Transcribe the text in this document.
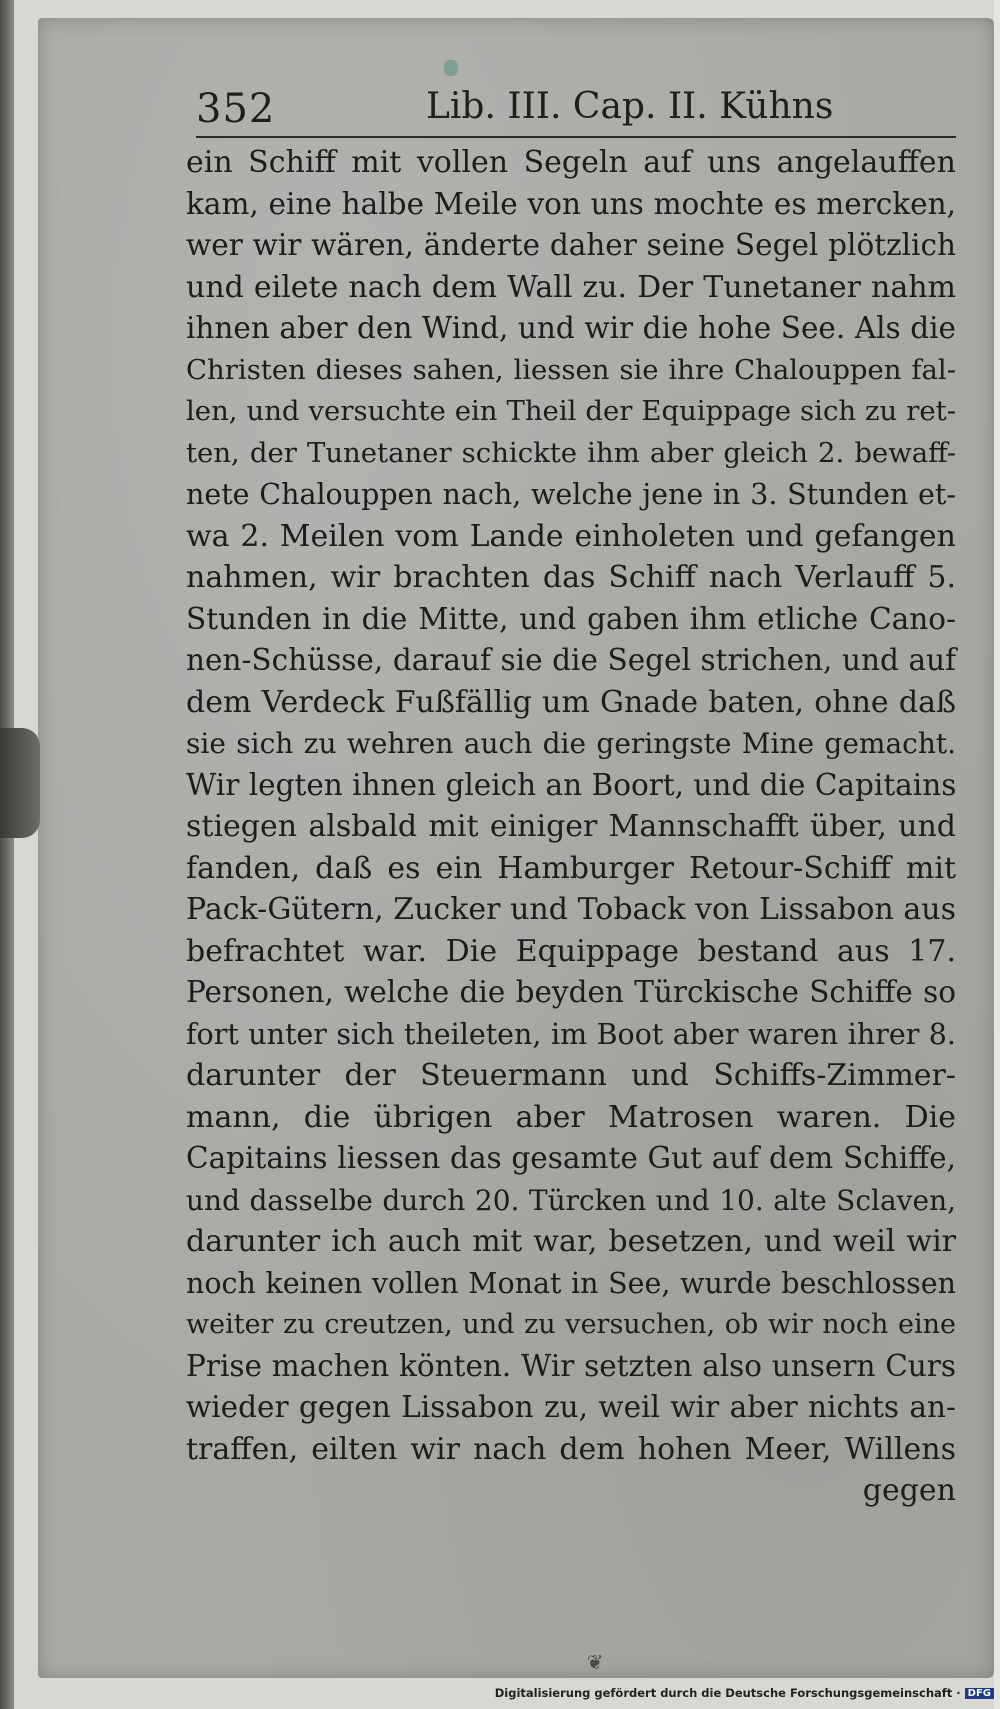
352	Lib. III. Cap. II. Kühns
ein Schiff mit vollen Segeln auf uns angelauffen
kam, eine halbe Meile von uns mochte es mercken,
wer wir wären, änderte daher seine Segel plötzlich
und eilete nach dem Wall zu. Der Tunetaner nahm
ihnen aber den Wind, und wir die hohe See. Als die
Christen dieses sahen, liessen sie ihre Chalouppen fal-
len, und versuchte ein Theil der Equippage sich zu ret-
ten, der Tunetaner schickte ihm aber gleich 2. bewaff-
nete Chalouppen nach, welche jene in 3. Stunden et-
wa 2. Meilen vom Lande einholeten und gefangen
nahmen, wir brachten das Schiff nach Verlauff 5.
Stunden in die Mitte, und gaben ihm etliche Cano-
nen-Schüsse, darauf sie die Segel strichen, und auf
dem Verdeck Fußfällig um Gnade baten, ohne daß
sie sich zu wehren auch die geringste Mine gemacht.
Wir legten ihnen gleich an Boort, und die Capitains
stiegen alsbald mit einiger Mannschafft über, und
fanden, daß es ein Hamburger Retour-Schiff mit
Pack-Gütern, Zucker und Toback von Lissabon aus
befrachtet war. Die Equippage bestand aus 17.
Personen, welche die beyden Türckische Schiffe so
fort unter sich theileten, im Boot aber waren ihrer 8.
darunter der Steuermann und Schiffs-Zimmer-
mann, die übrigen aber Matrosen waren. Die
Capitains liessen das gesamte Gut auf dem Schiffe,
und dasselbe durch 20. Türcken und 10. alte Sclaven,
darunter ich auch mit war, besetzen, und weil wir
noch keinen vollen Monat in See, wurde beschlossen
weiter zu creutzen, und zu versuchen, ob wir noch eine
Prise machen könten. Wir setzten also unsern Curs
wieder gegen Lissabon zu, weil wir aber nichts an-
traffen, eilten wir nach dem hohen Meer, Willens
gegen
❦
Digitalisierung gefördert durch die Deutsche Forschungsgemeinschaft · DFG
